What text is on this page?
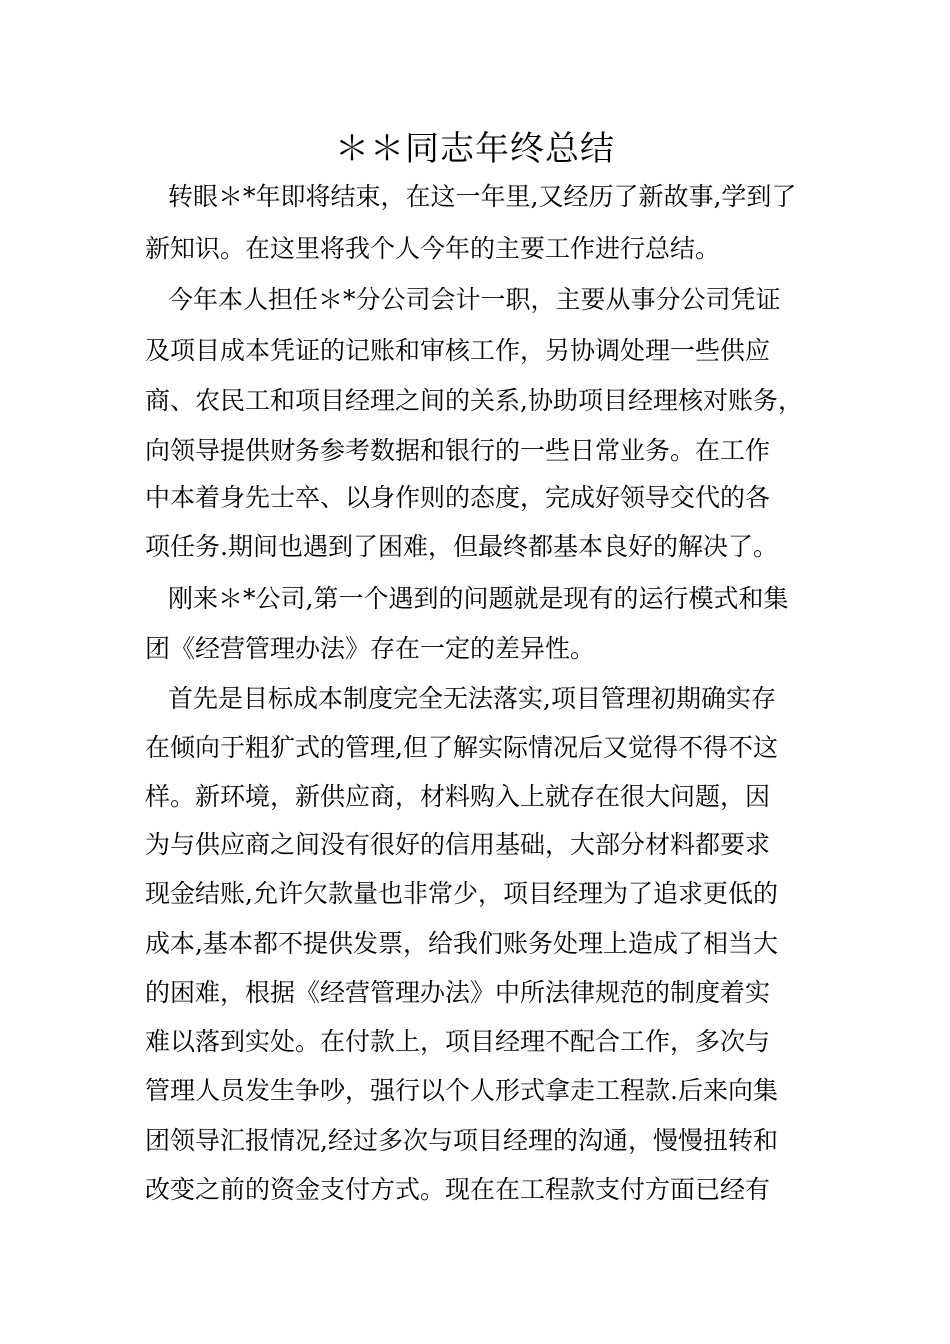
＊＊同志年终总结

转眼＊*年即将结束，在这一年里,又经历了新故事,学到了

新知识。在这里将我个人今年的主要工作进行总结。

今年本人担任＊*分公司会计一职，主要从事分公司凭证

及项目成本凭证的记账和审核工作，另协调处理一些供应

商、农民工和项目经理之间的关系,协助项目经理核对账务，

向领导提供财务参考数据和银行的一些日常业务。在工作

中本着身先士卒、以身作则的态度，完成好领导交代的各

项任务.期间也遇到了困难，但最终都基本良好的解决了。

刚来＊*公司,第一个遇到的问题就是现有的运行模式和集

团《经营管理办法》存在一定的差异性。

首先是目标成本制度完全无法落实,项目管理初期确实存

在倾向于粗犷式的管理,但了解实际情况后又觉得不得不这

样。新环境，新供应商，材料购入上就存在很大问题，因

为与供应商之间没有很好的信用基础，大部分材料都要求

现金结账,允许欠款量也非常少，项目经理为了追求更低的

成本,基本都不提供发票，给我们账务处理上造成了相当大

的困难，根据《经营管理办法》中所法律规范的制度着实

难以落到实处。在付款上，项目经理不配合工作，多次与

管理人员发生争吵，强行以个人形式拿走工程款.后来向集

团领导汇报情况,经过多次与项目经理的沟通，慢慢扭转和

改变之前的资金支付方式。现在在工程款支付方面已经有
